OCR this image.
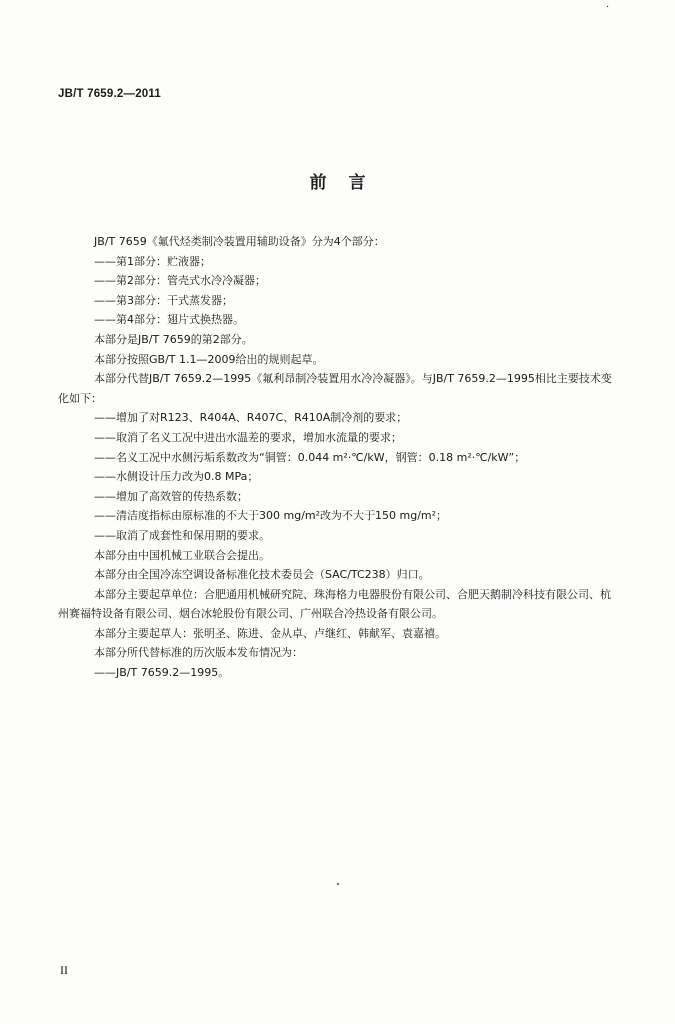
·
JB/T 7659.2—2011
前言

JB/T 7659《氟代烃类制冷装置用辅助设备》分为4个部分：

——第1部分：贮液器；

——第2部分：管壳式水冷冷凝器；

——第3部分：干式蒸发器；

——第4部分：翅片式换热器。

本部分是JB/T 7659的第2部分。

本部分按照GB/T 1.1—2009给出的规则起草。

本部分代替JB/T 7659.2—1995《氟利昂制冷装置用水冷冷凝器》。与JB/T 7659.2—1995相比主要技术变化如下：

——增加了对R123、R404A、R407C、R410A制冷剂的要求；

——取消了名义工况中进出水温差的要求，增加水流量的要求；

——名义工况中水侧污垢系数改为“铜管：0.044 m²·℃/kW，钢管：0.18 m²·℃/kW”；

——水侧设计压力改为0.8 MPa；

——增加了高效管的传热系数；

——清洁度指标由原标准的不大于300 mg/m²改为不大于150 mg/m²；

——取消了成套性和保用期的要求。

本部分由中国机械工业联合会提出。

本部分由全国冷冻空调设备标准化技术委员会（SAC/TC238）归口。

本部分主要起草单位：合肥通用机械研究院、珠海格力电器股份有限公司、合肥天鹅制冷科技有限公司、杭州赛福特设备有限公司、烟台冰轮股份有限公司、广州联合冷热设备有限公司。

本部分主要起草人：张明圣、陈进、金从卓、卢继红、韩献军、袁嘉禧。

本部分所代替标准的历次版本发布情况为：

——JB/T 7659.2—1995。

II
